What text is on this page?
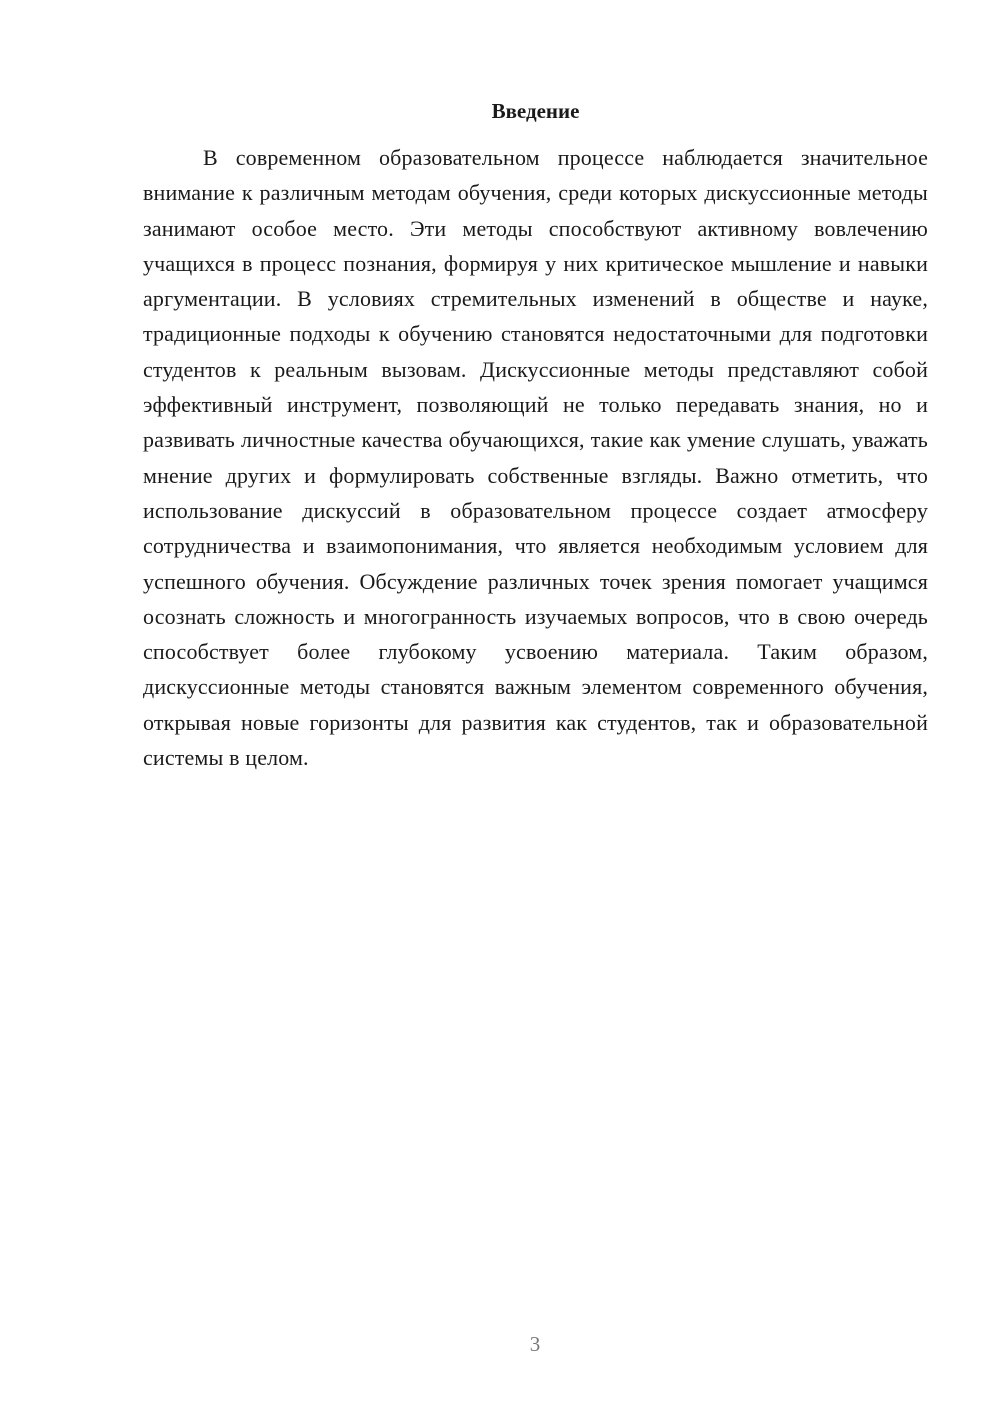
Введение

В современном образовательном процессе наблюдается значительное внимание к различным методам обучения, среди которых дискуссионные методы занимают особое место. Эти методы способствуют активному вовлечению учащихся в процесс познания, формируя у них критическое мышление и навыки аргументации. В условиях стремительных изменений в обществе и науке, традиционные подходы к обучению становятся недостаточными для подготовки студентов к реальным вызовам. Дискуссионные методы представляют собой эффективный инструмент, позволяющий не только передавать знания, но и развивать личностные качества обучающихся, такие как умение слушать, уважать мнение других и формулировать собственные взгляды. Важно отметить, что использование дискуссий в образовательном процессе создает атмосферу сотрудничества и взаимопонимания, что является необходимым условием для успешного обучения. Обсуждение различных точек зрения помогает учащимся осознать сложность и многогранность изучаемых вопросов, что в свою очередь способствует более глубокому усвоению материала. Таким образом, дискуссионные методы становятся важным элементом современного обучения, открывая новые горизонты для развития как студентов, так и образовательной системы в целом.

3
